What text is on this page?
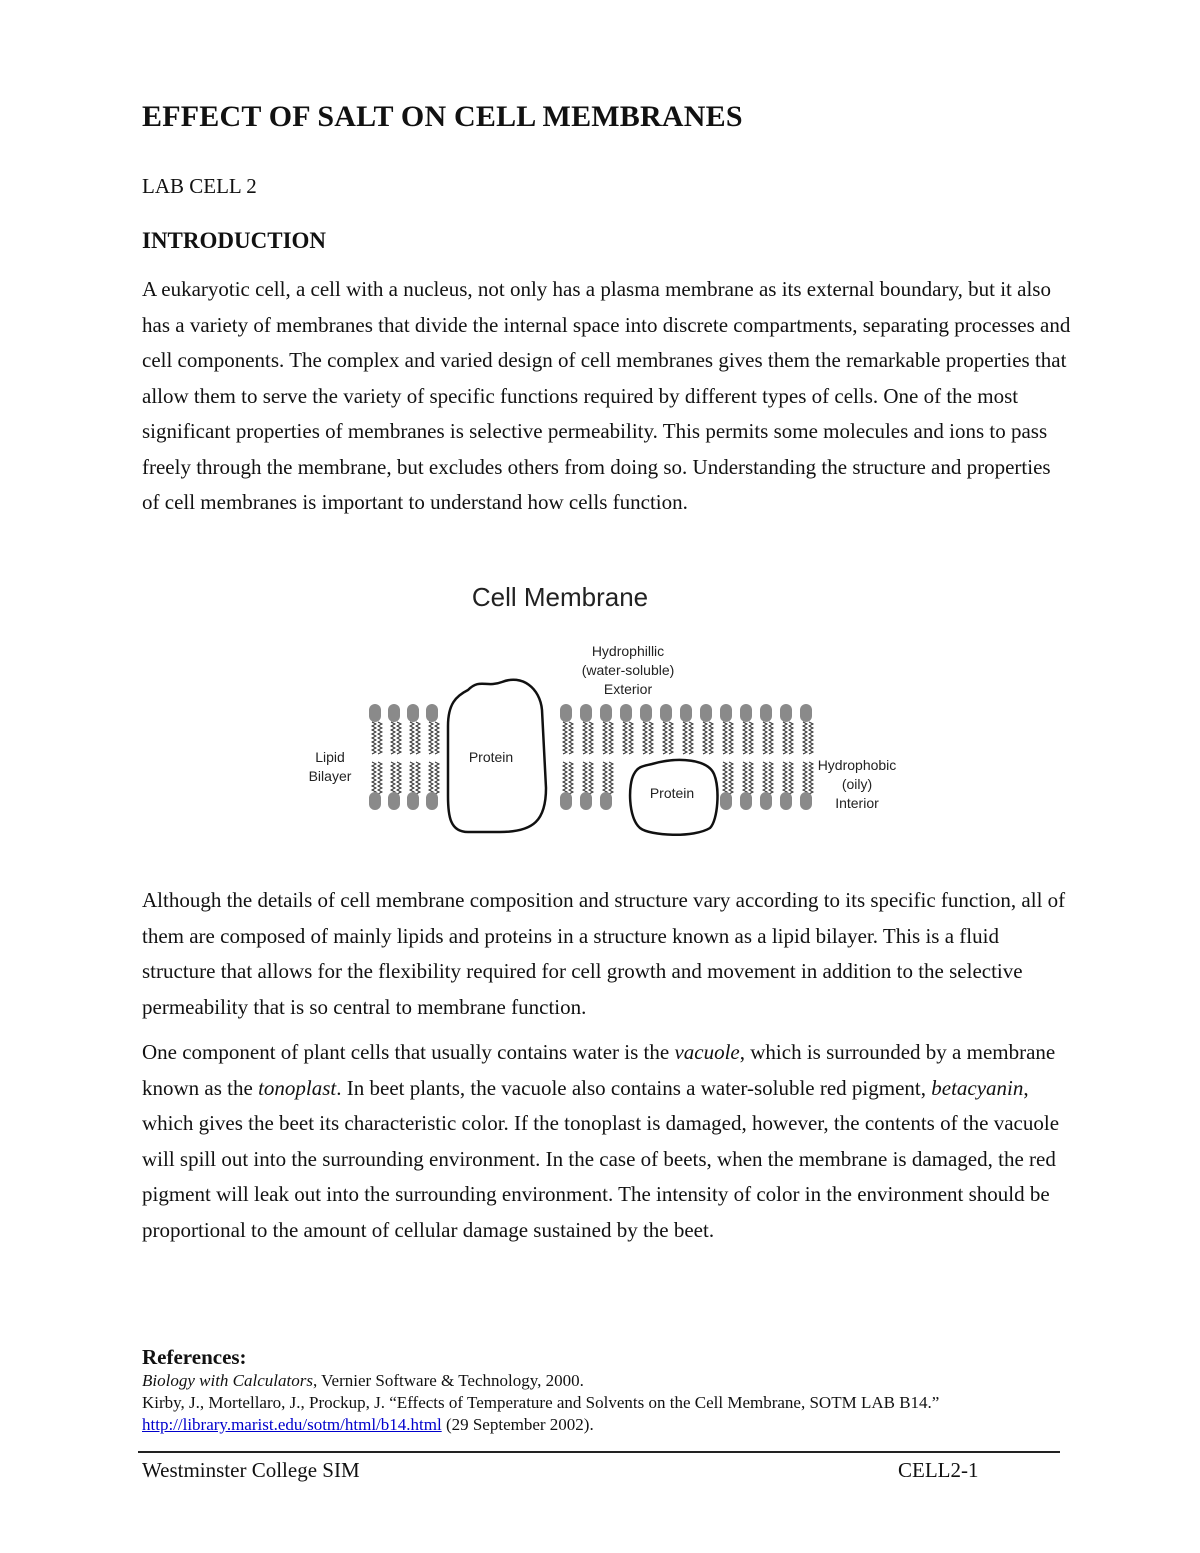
EFFECT OF SALT ON CELL MEMBRANES

LAB CELL 2

INTRODUCTION

A eukaryotic cell, a cell with a nucleus, not only has a plasma membrane as its external boundary, but it also has a variety of membranes that divide the internal space into discrete compartments, separating processes and cell components. The complex and varied design of cell membranes gives them the remarkable properties that allow them to serve the variety of specific functions required by different types of cells. One of the most significant properties of membranes is selective permeability. This permits some molecules and ions to pass freely through the membrane, but excludes others from doing so. Understanding the structure and properties of cell membranes is important to understand how cells function.

Cell Membrane
Hydrophillic
(water-soluble)
Exterior
Lipid
Bilayer
Hydrophobic
(oily)
Interior
Protein
Protein

Although the details of cell membrane composition and structure vary according to its specific function, all of them are composed of mainly lipids and proteins in a structure known as a lipid bilayer. This is a fluid structure that allows for the flexibility required for cell growth and movement in addition to the selective permeability that is so central to membrane function.

One component of plant cells that usually contains water is the vacuole, which is surrounded by a membrane known as the tonoplast. In beet plants, the vacuole also contains a water-soluble red pigment, betacyanin, which gives the beet its characteristic color. If the tonoplast is damaged, however, the contents of the vacuole will spill out into the surrounding environment. In the case of beets, when the membrane is damaged, the red pigment will leak out into the surrounding environment. The intensity of color in the environment should be proportional to the amount of cellular damage sustained by the beet.

References:

Biology with Calculators, Vernier Software & Technology, 2000.

Kirby, J., Mortellaro, J., Prockup, J. “Effects of Temperature and Solvents on the Cell Membrane, SOTM LAB B14.” http://library.marist.edu/sotm/html/b14.html (29 September 2002).

Westminster College SIM	CELL2-1
